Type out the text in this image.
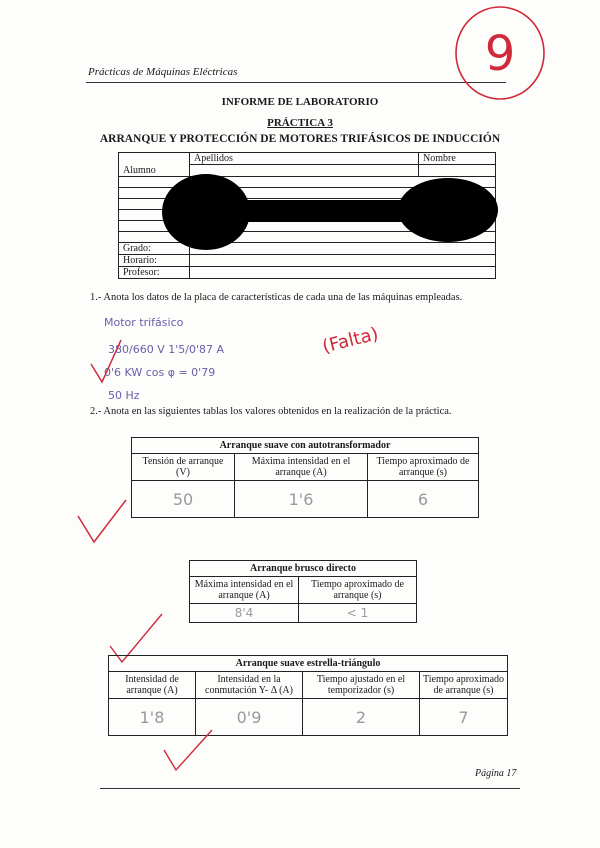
Prácticas de Máquinas Eléctricas	9
INFORME DE LABORATORIO
PRÁCTICA 3
ARRANQUE Y PROTECCIÓN DE MOTORES TRIFÁSICOS DE INDUCCIÓN
	Apellidos	Nombre
Alumno		

Grado:		
Horario:		
Profesor:		
1.- Anota los datos de la placa de características de cada una de las máquinas empleadas.
Motor trifásico
380/660 V 1'5/0'87 A
0'6 KW cos φ = 0'79
50 Hz
(Falta)
2.- Anota en las siguientes tablas los valores obtenidos en la realización de la práctica.
Arranque suave con autotransformador		
Tensión de arranque (V)	Máxima intensidad en el arranque (A)	Tiempo aproximado de arranque (s)
50	1'6	6
Arranque brusco directo	
Máxima intensidad en el arranque (A)	Tiempo aproximado de arranque (s)
8'4	< 1
Arranque suave estrella-triángulo			
Intensidad de arranque (A)	Intensidad en la conmutación Y- Δ (A)	Tiempo ajustado en el temporizador (s)	Tiempo aproximado de arranque (s)
1'8	0'9	2	7
Página 17
